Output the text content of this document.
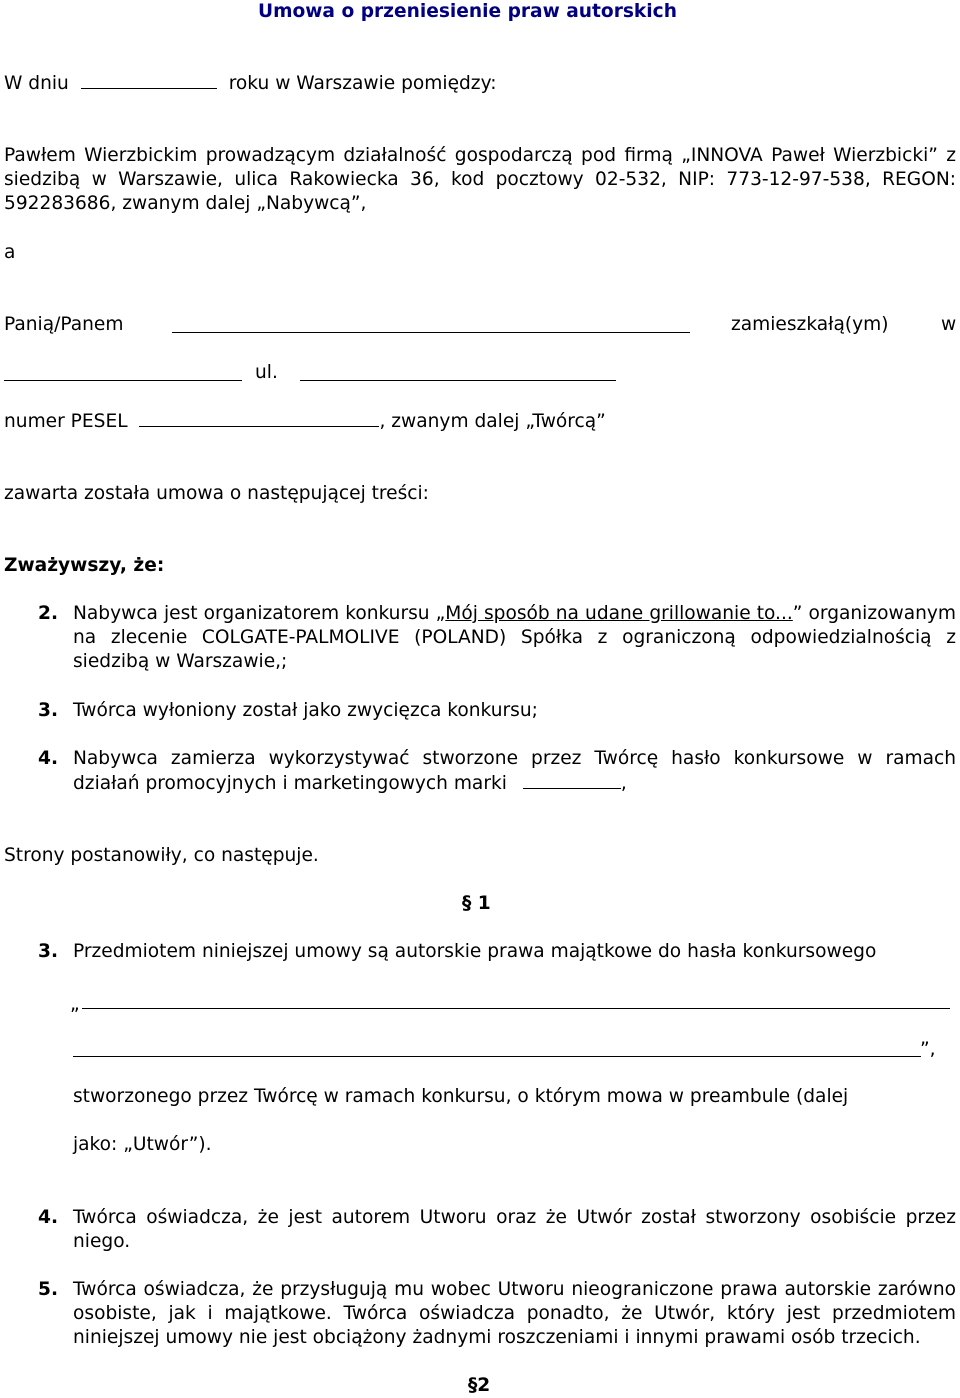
Umowa o przeniesienie praw autorskich
W dniu	roku w Warszawie pomiędzy:
Pawłem Wierzbickim prowadzącym działalność gospodarczą pod firmą „INNOVA Paweł Wierzbicki” z siedzibą w Warszawie, ulica Rakowiecka 36, kod pocztowy 02-532, NIP: 773-12-97-538, REGON: 592283686, zwanym dalej „Nabywcą”,
a
Panią/Panem	zamieszkałą(ym)	w
ul.
numer PESEL	, zwanym dalej „Twórcą”
zawarta została umowa o następującej treści:
Zważywszy, że:
2. Nabywca jest organizatorem konkursu „Mój sposób na udane grillowanie to...” organizowanym na zlecenie COLGATE-PALMOLIVE (POLAND) Spółka z ograniczoną odpowiedzialnością z siedzibą w Warszawie,;
3. Twórca wyłoniony został jako zwycięzca konkursu;
4. Nabywca zamierza wykorzystywać stworzone przez Twórcę hasło konkursowe w ramach działań promocyjnych i marketingowych marki	,
Strony postanowiły, co następuje.
§ 1
3. Przedmiotem niniejszej umowy są autorskie prawa majątkowe do hasła konkursowego
„
”,
stworzonego przez Twórcę w ramach konkursu, o którym mowa w preambule (dalej
jako: „Utwór”).
4. Twórca oświadcza, że jest autorem Utworu oraz że Utwór został stworzony osobiście przez niego.
5. Twórca oświadcza, że przysługują mu wobec Utworu nieograniczone prawa autorskie zarówno osobiste, jak i majątkowe. Twórca oświadcza ponadto, że Utwór, który jest przedmiotem niniejszej umowy nie jest obciążony żadnymi roszczeniami i innymi prawami osób trzecich.
§2
